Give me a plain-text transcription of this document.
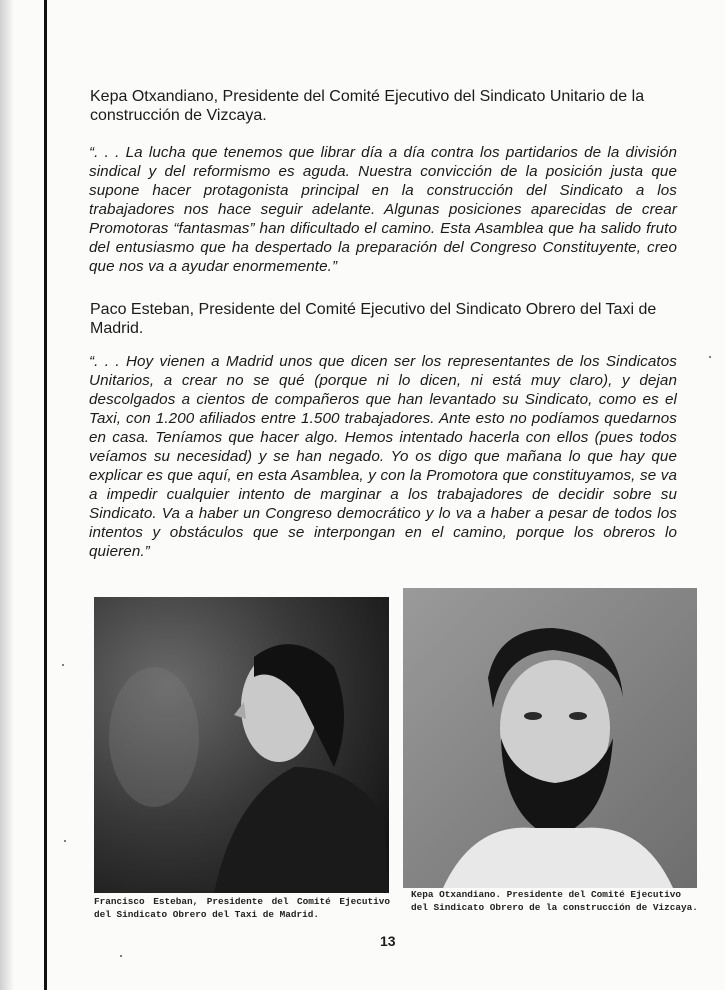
Kepa Otxandiano, Presidente del Comité Ejecutivo del Sindicato Unitario de la construcción de Vizcaya.

“. . . La lucha que tenemos que librar día a día contra los partidarios de la división sindical y del reformismo es aguda. Nuestra convicción de la posición justa que supone hacer protagonista principal en la construcción del Sindicato a los trabajadores nos hace seguir adelante. Algunas posiciones aparecidas de crear Promotoras “fantasmas” han dificultado el camino. Esta Asamblea que ha salido fruto del entusiasmo que ha despertado la preparación del Congreso Constituyente, creo que nos va a ayudar enormemente.”

Paco Esteban, Presidente del Comité Ejecutivo del Sindicato Obrero del Taxi de Madrid.

“. . . Hoy vienen a Madrid unos que dicen ser los representantes de los Sindicatos Unitarios, a crear no se qué (porque ni lo dicen, ni está muy claro), y dejan descolgados a cientos de compañeros que han levantado su Sindicato, como es el Taxi, con 1.200 afiliados entre 1.500 trabajadores. Ante esto no podíamos quedarnos en casa. Teníamos que hacer algo. Hemos intentado hacerla con ellos (pues todos veíamos su necesidad) y se han negado. Yo os digo que mañana lo que hay que explicar es que aquí, en esta Asamblea, y con la Promotora que constituyamos, se va a impedir cualquier intento de marginar a los trabajadores de decidir sobre su Sindicato. Va a haber un Congreso democrático y lo va a haber a pesar de todos los intentos y obstáculos que se interpongan en el camino, porque los obreros lo quieren.”

Francisco Esteban, Presidente del Comité Ejecutivo del Sindicato Obrero del Taxi de Madrid.

Kepa Otxandiano. Presidente del Comité Ejecutivo del Sindicato Obrero de la construcción de Vizcaya.

13
